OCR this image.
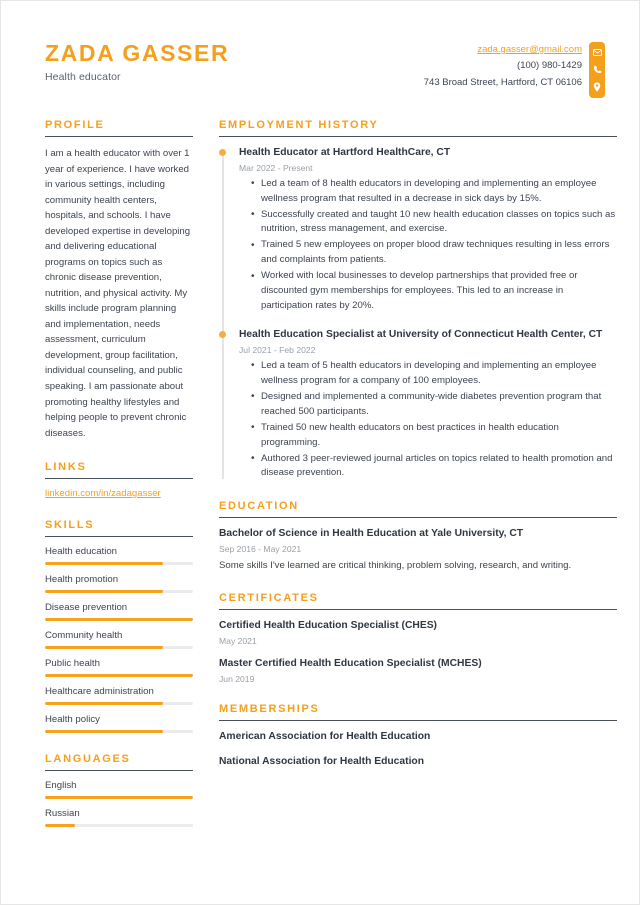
ZADA GASSER
Health educator
zada.gasser@gmail.com
(100) 980-1429
743 Broad Street, Hartford, CT 06106
PROFILE
I am a health educator with over 1 year of experience. I have worked in various settings, including community health centers, hospitals, and schools. I have developed expertise in developing and delivering educational programs on topics such as chronic disease prevention, nutrition, and physical activity. My skills include program planning and implementation, needs assessment, curriculum development, group facilitation, individual counseling, and public speaking. I am passionate about promoting healthy lifestyles and helping people to prevent chronic diseases.
LINKS
linkedin.com/in/zadagasser
SKILLS
Health education
Health promotion
Disease prevention
Community health
Public health
Healthcare administration
Health policy
LANGUAGES
English
Russian
EMPLOYMENT HISTORY
Health Educator at Hartford HealthCare, CT
Mar 2022 - Present
• Led a team of 8 health educators in developing and implementing an employee wellness program that resulted in a decrease in sick days by 15%.
• Successfully created and taught 10 new health education classes on topics such as nutrition, stress management, and exercise.
• Trained 5 new employees on proper blood draw techniques resulting in less errors and complaints from patients.
• Worked with local businesses to develop partnerships that provided free or discounted gym memberships for employees. This led to an increase in participation rates by 20%.
Health Education Specialist at University of Connecticut Health Center, CT
Jul 2021 - Feb 2022
• Led a team of 5 health educators in developing and implementing an employee wellness program for a company of 100 employees.
• Designed and implemented a community-wide diabetes prevention program that reached 500 participants.
• Trained 50 new health educators on best practices in health education programming.
• Authored 3 peer-reviewed journal articles on topics related to health promotion and disease prevention.
EDUCATION
Bachelor of Science in Health Education at Yale University, CT
Sep 2016 - May 2021
Some skills I've learned are critical thinking, problem solving, research, and writing.
CERTIFICATES
Certified Health Education Specialist (CHES)
May 2021
Master Certified Health Education Specialist (MCHES)
Jun 2019
MEMBERSHIPS
American Association for Health Education
National Association for Health Education
